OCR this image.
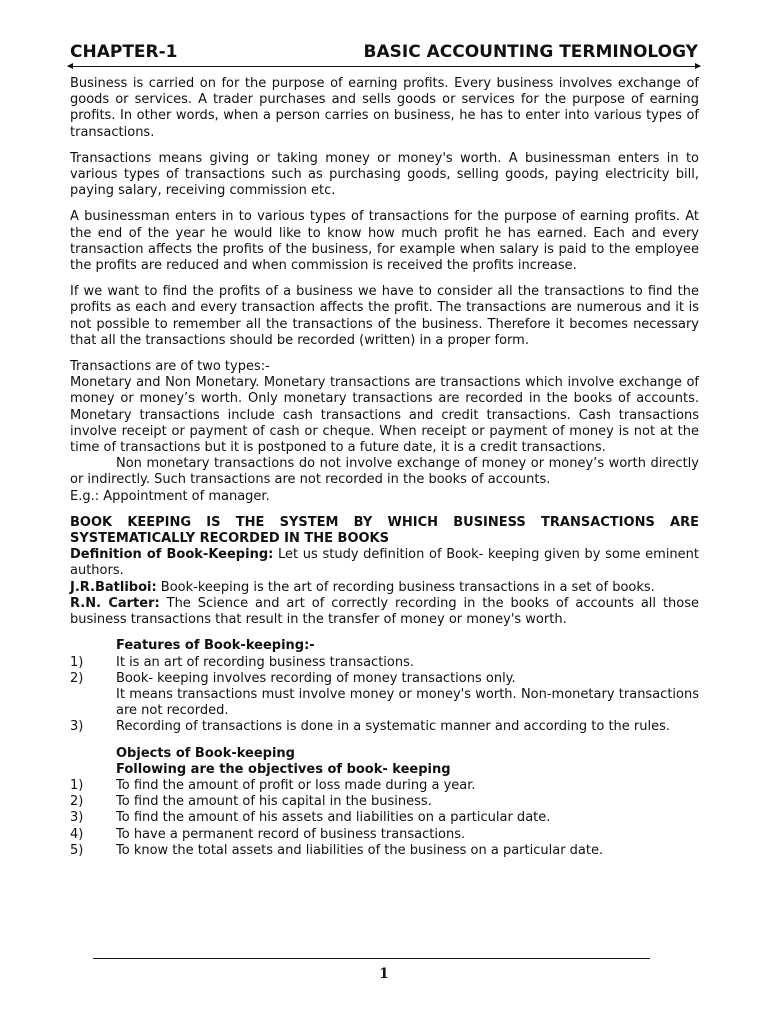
CHAPTER-1	BASIC ACCOUNTING TERMINOLOGY

Business is carried on for the purpose of earning profits. Every business involves exchange of goods or services. A trader purchases and sells goods or services for the purpose of earning profits. In other words, when a person carries on business, he has to enter into various types of transactions.

Transactions means giving or taking money or money's worth. A businessman enters in to various types of transactions such as purchasing goods, selling goods, paying electricity bill, paying salary, receiving commission etc.

A businessman enters in to various types of transactions for the purpose of earning profits. At the end of the year he would like to know how much profit he has earned. Each and every transaction affects the profits of the business, for example when salary is paid to the employee the profits are reduced and when commission is received the profits increase.

If we want to find the profits of a business we have to consider all the transactions to find the profits as each and every transaction affects the profit. The transactions are numerous and it is not possible to remember all the transactions of the business. Therefore it becomes necessary that all the transactions should be recorded (written) in a proper form.

Transactions are of two types:-

Monetary and Non Monetary. Monetary transactions are transactions which involve exchange of money or money’s worth. Only monetary transactions are recorded in the books of accounts. Monetary transactions include cash transactions and credit transactions. Cash transactions involve receipt or payment of cash or cheque. When receipt or payment of money is not at the time of transactions but it is postponed to a future date, it is a credit transactions.

Non monetary transactions do not involve exchange of money or money’s worth directly or indirectly. Such transactions are not recorded in the books of accounts.

E.g.: Appointment of manager.

BOOK KEEPING IS THE SYSTEM BY WHICH BUSINESS TRANSACTIONS ARE SYSTEMATICALLY RECORDED IN THE BOOKS

Definition of Book-Keeping: Let us study definition of Book- keeping given by some eminent authors.

J.R.Batliboi: Book-keeping is the art of recording business transactions in a set of books.

R.N. Carter: The Science and art of correctly recording in the books of accounts all those business transactions that result in the transfer of money or money's worth.

Features of Book-keeping:-

1)	It is an art of recording business transactions.
2)	Book- keeping involves recording of money transactions only.
It means transactions must involve money or money's worth. Non-monetary transactions are not recorded.
3)	Recording of transactions is done in a systematic manner and according to the rules.

Objects of Book-keeping

Following are the objectives of book- keeping

1)	To find the amount of profit or loss made during a year.
2)	To find the amount of his capital in the business.
3)	To find the amount of his assets and liabilities on a particular date.
4)	To have a permanent record of business transactions.
5)	To know the total assets and liabilities of the business on a particular date.
1
